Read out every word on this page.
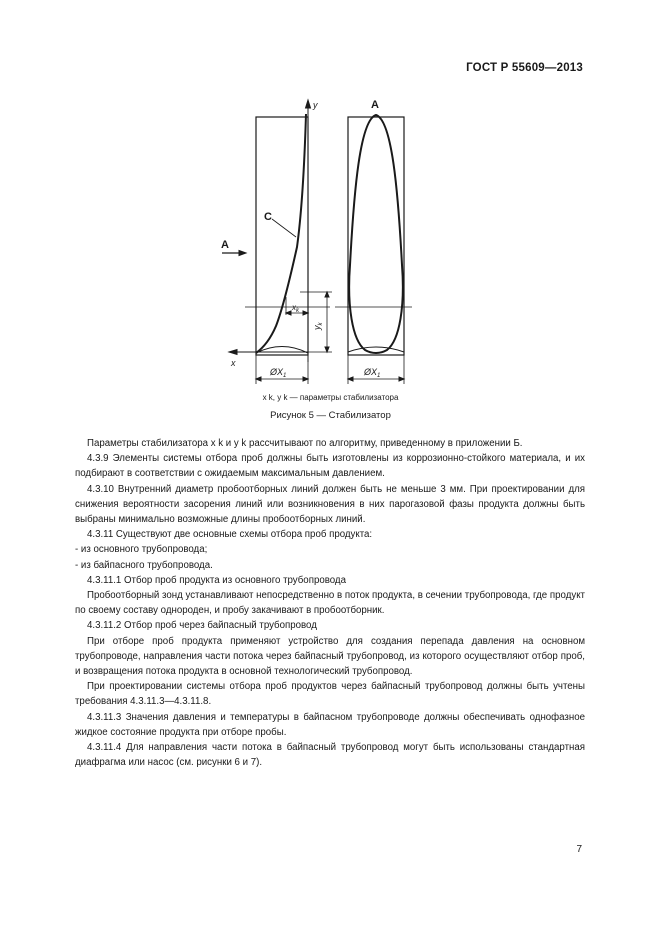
ГОСТ Р 55609—2013
y
x
C
A
$x_k$
$y_k$
$ØX_1$
A
$ØX_1$
x k, y k — параметры стабилизатора
Рисунок 5 — Стабилизатор

Параметры стабилизатора x k и y k рассчитывают по алгоритму, приведенному в приложении Б.

4.3.9 Элементы системы отбора проб должны быть изготовлены из коррозионно-стойкого материала, и их подбирают в соответствии с ожидаемым максимальным давлением.

4.3.10 Внутренний диаметр пробоотборных линий должен быть не меньше 3 мм. При проектировании для снижения вероятности засорения линий или возникновения в них парогазовой фазы продукта должны быть выбраны минимально возможные длины пробоотборных линий.

4.3.11 Существуют две основные схемы отбора проб продукта:

- из основного трубопровода;

- из байпасного трубопровода.

4.3.11.1 Отбор проб продукта из основного трубопровода

Пробоотборный зонд устанавливают непосредственно в поток продукта, в сечении трубопровода, где продукт по своему составу однороден, и пробу закачивают в пробоотборник.

4.3.11.2 Отбор проб через байпасный трубопровод

При отборе проб продукта применяют устройство для создания перепада давления на основном трубопроводе, направления части потока через байпасный трубопровод, из которого осуществляют отбор проб, и возвращения потока продукта в основной технологический трубопровод.

При проектировании системы отбора проб продуктов через байпасный трубопровод должны быть учтены требования 4.3.11.3—4.3.11.8.

4.3.11.3 Значения давления и температуры в байпасном трубопроводе должны обеспечивать однофазное жидкое состояние продукта при отборе пробы.

4.3.11.4 Для направления части потока в байпасный трубопровод могут быть использованы стандартная диафрагма или насос (см. рисунки 6 и 7).

7
